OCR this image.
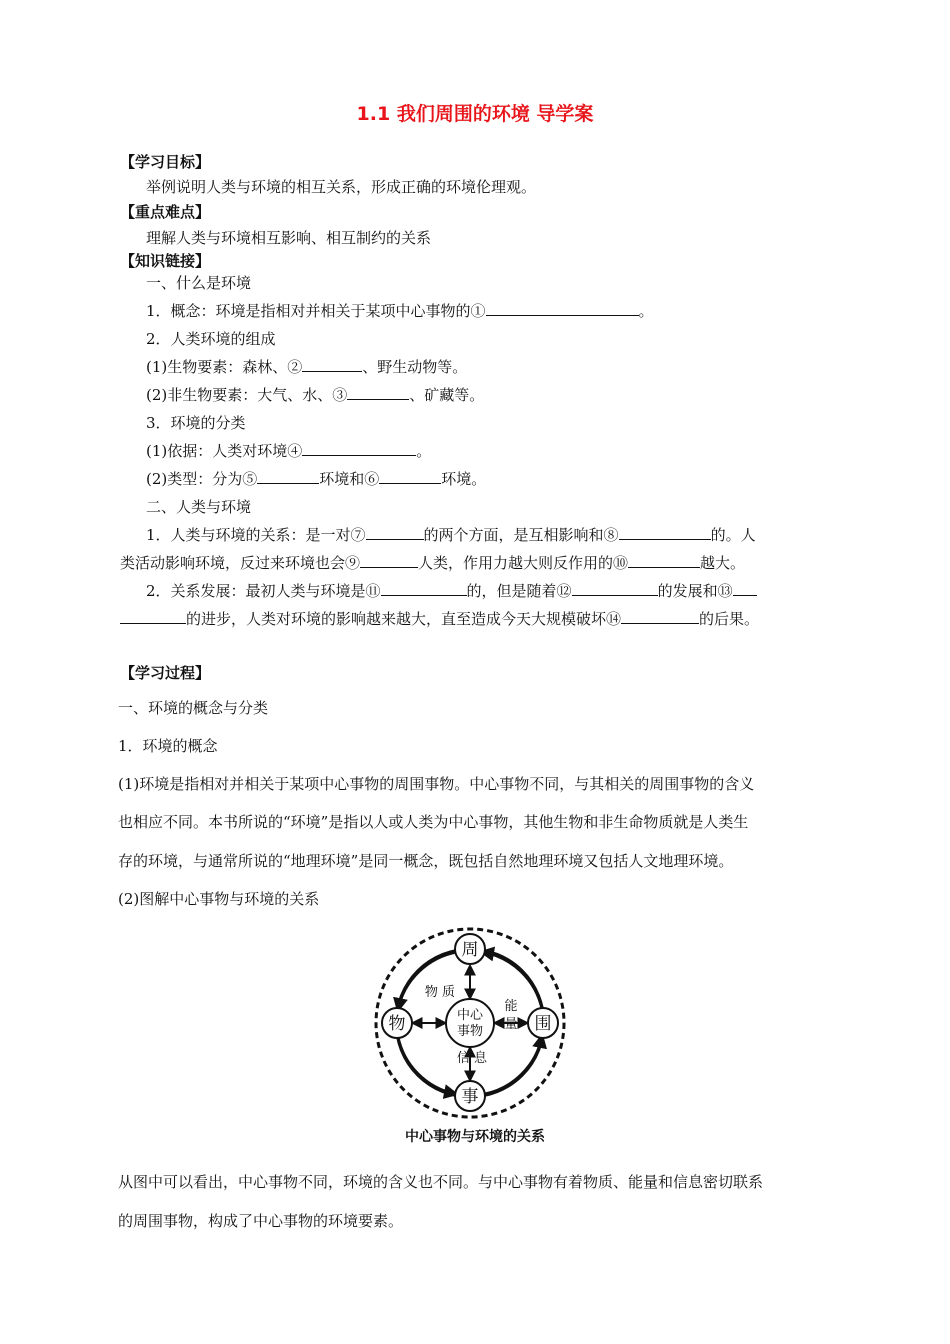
1.1 我们周围的环境 导学案
【学习目标】
举例说明人类与环境的相互关系，形成正确的环境伦理观。
【重点难点】
理解人类与环境相互影响、相互制约的关系
【知识链接】
一、什么是环境
1．概念：环境是指相对并相关于某项中心事物的①	。
2．人类环境的组成
(1)生物要素：森林、②	、野生动物等。
(2)非生物要素：大气、水、③	、矿藏等。
3．环境的分类
(1)依据：人类对环境④	。
(2)类型：分为⑤	环境和⑥	环境。
二、人类与环境
1．人类与环境的关系：是一对⑦	的两个方面，是互相影响和⑧	的。人
类活动影响环境，反过来环境也会⑨	人类，作用力越大则反作用的⑩	越大。
2．关系发展：最初人类与环境是⑪	的，但是随着⑫	的发展和⑬
的进步，人类对环境的影响越来越大，直至造成今天大规模破坏⑭	的后果。
【学习过程】
一、环境的概念与分类
1．环境的概念
(1)环境是指相对并相关于某项中心事物的周围事物。中心事物不同，与其相关的周围事物的含义
也相应不同。本书所说的“环境”是指以人或人类为中心事物，其他生物和非生命物质就是人类生
存的环境，与通常所说的“地理环境”是同一概念，既包括自然地理环境又包括人文地理环境。
(2)图解中心事物与环境的关系
周
物	围
事
中心
事物
物 质
能
量
信 息
中心事物与环境的关系
从图中可以看出，中心事物不同，环境的含义也不同。与中心事物有着物质、能量和信息密切联系
的周围事物，构成了中心事物的环境要素。
